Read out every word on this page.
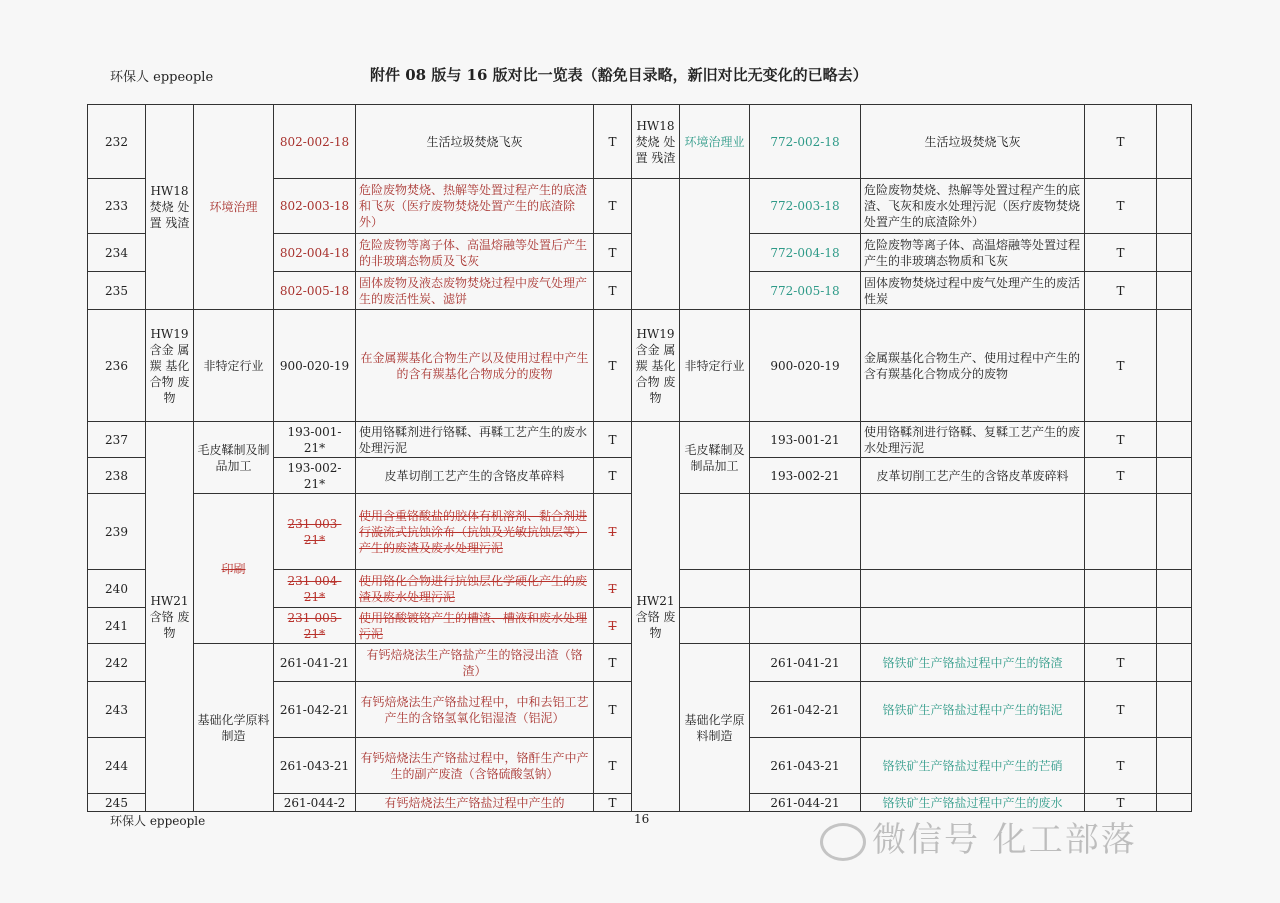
环保人 eppeople	附件 08 版与 16 版对比一览表（豁免目录略，新旧对比无变化的已略去）
232	HW18 焚烧 处置 残渣	环境治理	802-002-18	生活垃圾焚烧飞灰	T	HW18 焚烧 处置 残渣	环境治理业	772-002-18	生活垃圾焚烧飞灰	T	
233			802-003-18	危险废物焚烧、热解等处置过程产生的底渣和飞灰（医疗废物焚烧处置产生的底渣除外）	T			772-003-18	危险废物焚烧、热解等处置过程产生的底渣、飞灰和废水处理污泥（医疗废物焚烧处置产生的底渣除外）	T	
234			802-004-18	危险废物等离子体、高温熔融等处置后产生的非玻璃态物质及飞灰	T			772-004-18	危险废物等离子体、高温熔融等处置过程产生的非玻璃态物质和飞灰	T	
235			802-005-18	固体废物及液态废物焚烧过程中废气处理产生的废活性炭、滤饼	T			772-005-18	固体废物焚烧过程中废气处理产生的废活性炭	T	
236	HW19 含金 属羰 基化 合物 废物	非特定行业	900-020-19	在金属羰基化合物生产以及使用过程中产生的含有羰基化合物成分的废物	T	HW19 含金 属羰 基化 合物 废物	非特定行业	900-020-19	金属羰基化合物生产、使用过程中产生的含有羰基化合物成分的废物	T	
237	HW21 含铬 废物	毛皮鞣制及制品加工	193-001-21*	使用铬鞣剂进行铬鞣、再鞣工艺产生的废水处理污泥	T	HW21 含铬 废物	毛皮鞣制及制品加工	193-001-21	使用铬鞣剂进行铬鞣、复鞣工艺产生的废水处理污泥	T	
238			193-002-21*	皮革切削工艺产生的含铬皮革碎料	T			193-002-21	皮革切削工艺产生的含铬皮革废碎料	T	
239		印刷	231-003-21*	使用含重铬酸盐的胶体有机溶剂、黏合剂进行漩流式抗蚀涂布（抗蚀及光敏抗蚀层等）产生的废渣及废水处理污泥	T						
240			231-004-21*	使用铬化合物进行抗蚀层化学硬化产生的废渣及废水处理污泥	T						
241			231-005-21*	使用铬酸镀铬产生的槽渣、槽液和废水处理污泥	T						
242		基础化学原料制造	261-041-21	有钙焙烧法生产铬盐产生的铬浸出渣（铬渣）	T		基础化学原料制造	261-041-21	铬铁矿生产铬盐过程中产生的铬渣	T	
243			261-042-21	有钙焙烧法生产铬盐过程中，中和去铝工艺产生的含铬氢氧化铝湿渣（铝泥）	T			261-042-21	铬铁矿生产铬盐过程中产生的铝泥	T	
244			261-043-21	有钙焙烧法生产铬盐过程中，铬酐生产中产生的副产废渣（含铬硫酸氢钠）	T			261-043-21	铬铁矿生产铬盐过程中产生的芒硝	T	
245			261-044-2	有钙焙烧法生产铬盐过程中产生的	T			261-044-21	铬铁矿生产铬盐过程中产生的废水	T	
环保人 eppeople	16
微信号 化工部落
